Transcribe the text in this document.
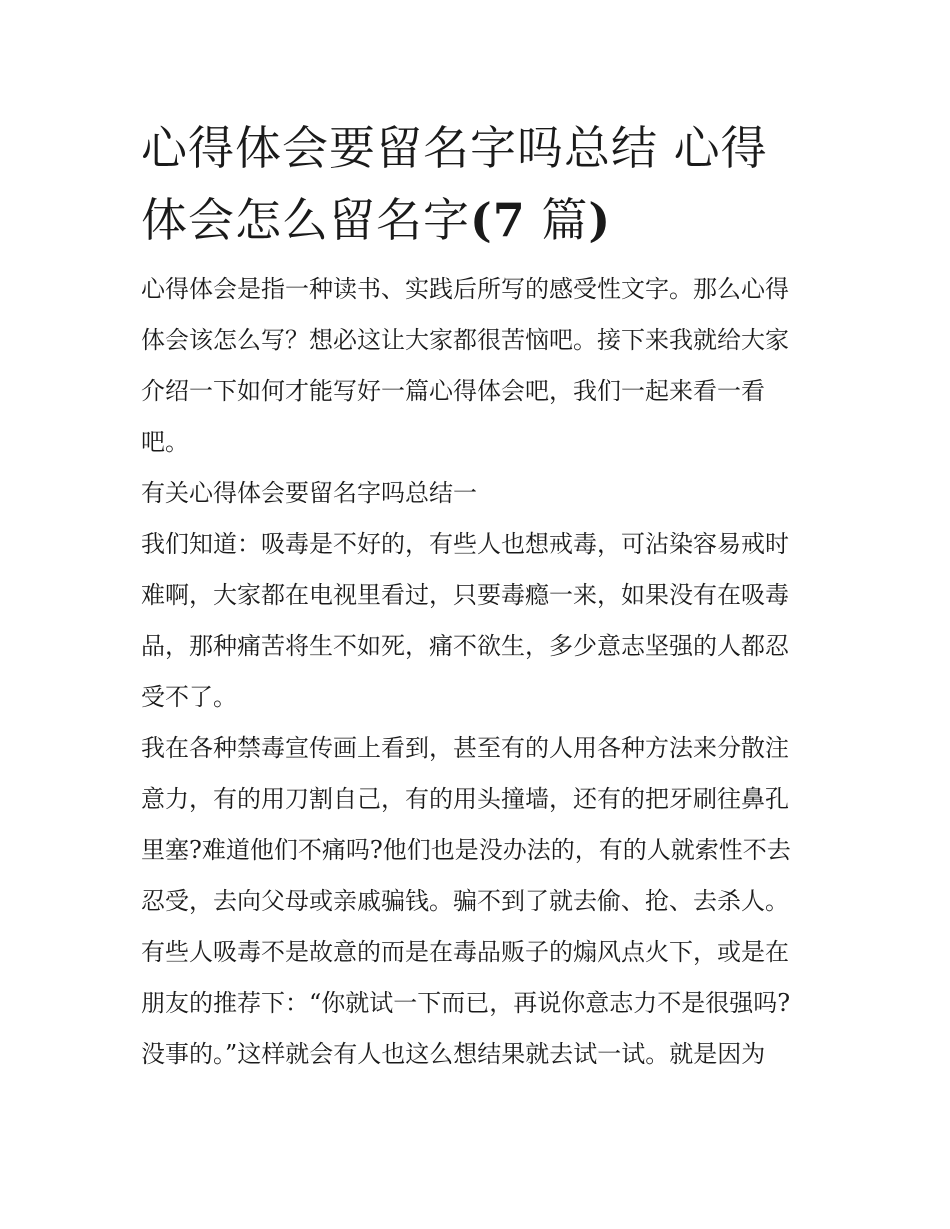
心得体会要留名字吗总结 心得
体会怎么留名字(7 篇)

心得体会是指一种读书、实践后所写的感受性文字。那么心得
体会该怎么写？想必这让大家都很苦恼吧。接下来我就给大家
介绍一下如何才能写好一篇心得体会吧，我们一起来看一看
吧。

有关心得体会要留名字吗总结一

我们知道：吸毒是不好的，有些人也想戒毒，可沾染容易戒时
难啊，大家都在电视里看过，只要毒瘾一来，如果没有在吸毒
品，那种痛苦将生不如死，痛不欲生，多少意志坚强的人都忍
受不了。

我在各种禁毒宣传画上看到，甚至有的人用各种方法来分散注
意力，有的用刀割自己，有的用头撞墙，还有的把牙刷往鼻孔
里塞?难道他们不痛吗?他们也是没办法的，有的人就索性不去
忍受，去向父母或亲戚骗钱。骗不到了就去偷、抢、去杀人。
有些人吸毒不是故意的而是在毒品贩子的煽风点火下，或是在
朋友的推荐下：“你就试一下而已，再说你意志力不是很强吗?
没事的。”这样就会有人也这么想结果就去试一试。就是因为
